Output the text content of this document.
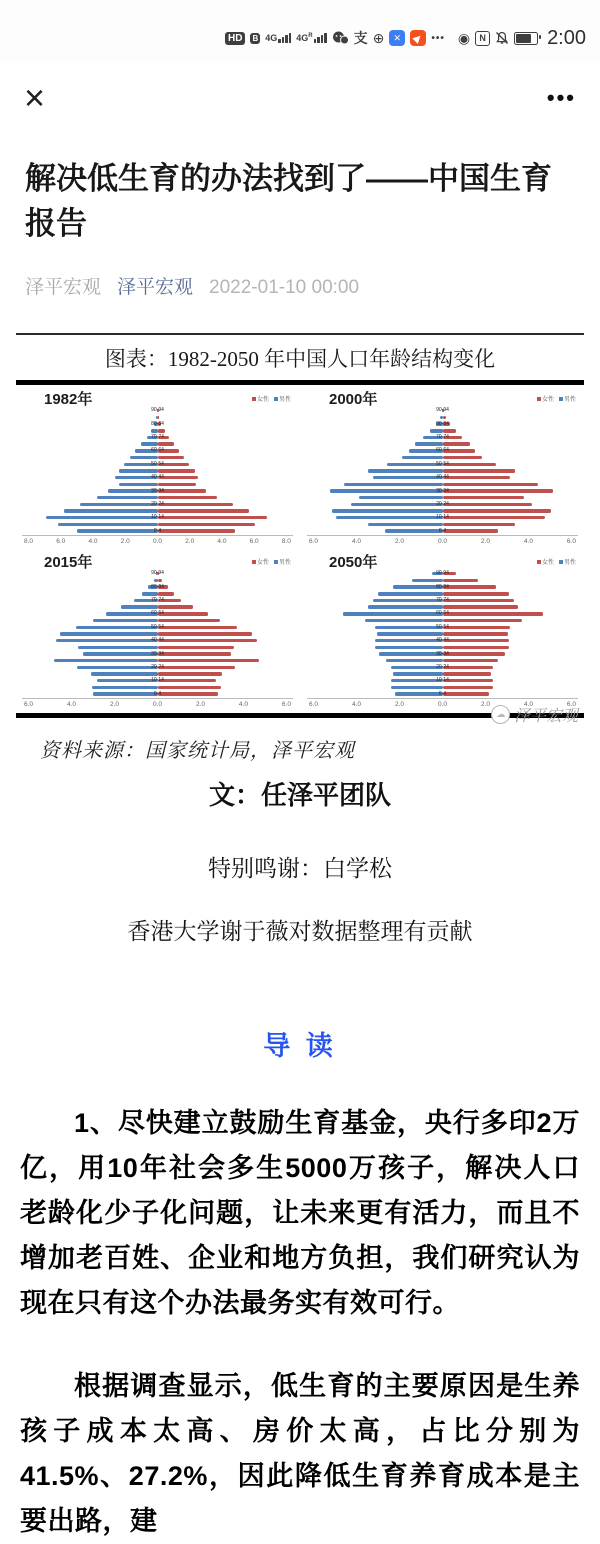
HD	B 4G $4G^R$	支 ⊕	✕	▶ ••• ◉	N	2:00
×	•••
解决低生育的办法找到了——中国生育报告
泽平宏观 泽平宏观 2022-01-10 00:00
图表：1982-2050 年中国人口年龄结构变化
1982年	女性	男性
90-94
80-84
70-74
60-64
50-54
40-44
30-34
20-24
10-14
0-4
8.0	6.0	4.0	2.0	0.0	2.0	4.0	6.0	8.0
2000年	女性	男性
90-94
80-84
70-74
60-64
50-54
40-44
30-34
20-24
10-14
0-4
6.0	4.0	2.0	0.0	2.0	4.0	6.0
2015年	女性	男性
90-94
80-84
70-74
60-64
50-54
40-44
30-34
20-24
10-14
0-4
6.0	4.0	2.0	0.0	2.0	4.0	6.0
2050年	女性	男性
90-94
80-84
70-74
60-64
50-54
40-44
30-34
20-24
10-14
0-4
6.0	4.0	2.0	0.0	2.0	4.0	6.0
☁ 泽平宏观
资料来源：国家统计局，泽平宏观
文：任泽平团队
特别鸣谢：白学松
香港大学谢于薇对数据整理有贡献
导 读

1、尽快建立鼓励生育基金，央行多印2万亿，用10年社会多生5000万孩子，解决人口老龄化少子化问题，让未来更有活力，而且不增加老百姓、企业和地方负担，我们研究认为现在只有这个办法最务实有效可行。

根据调查显示，低生育的主要原因是生养孩子成本太高、房价太高，占比分别为41.5%、27.2%，因此降低生育养育成本是主要出路，建
